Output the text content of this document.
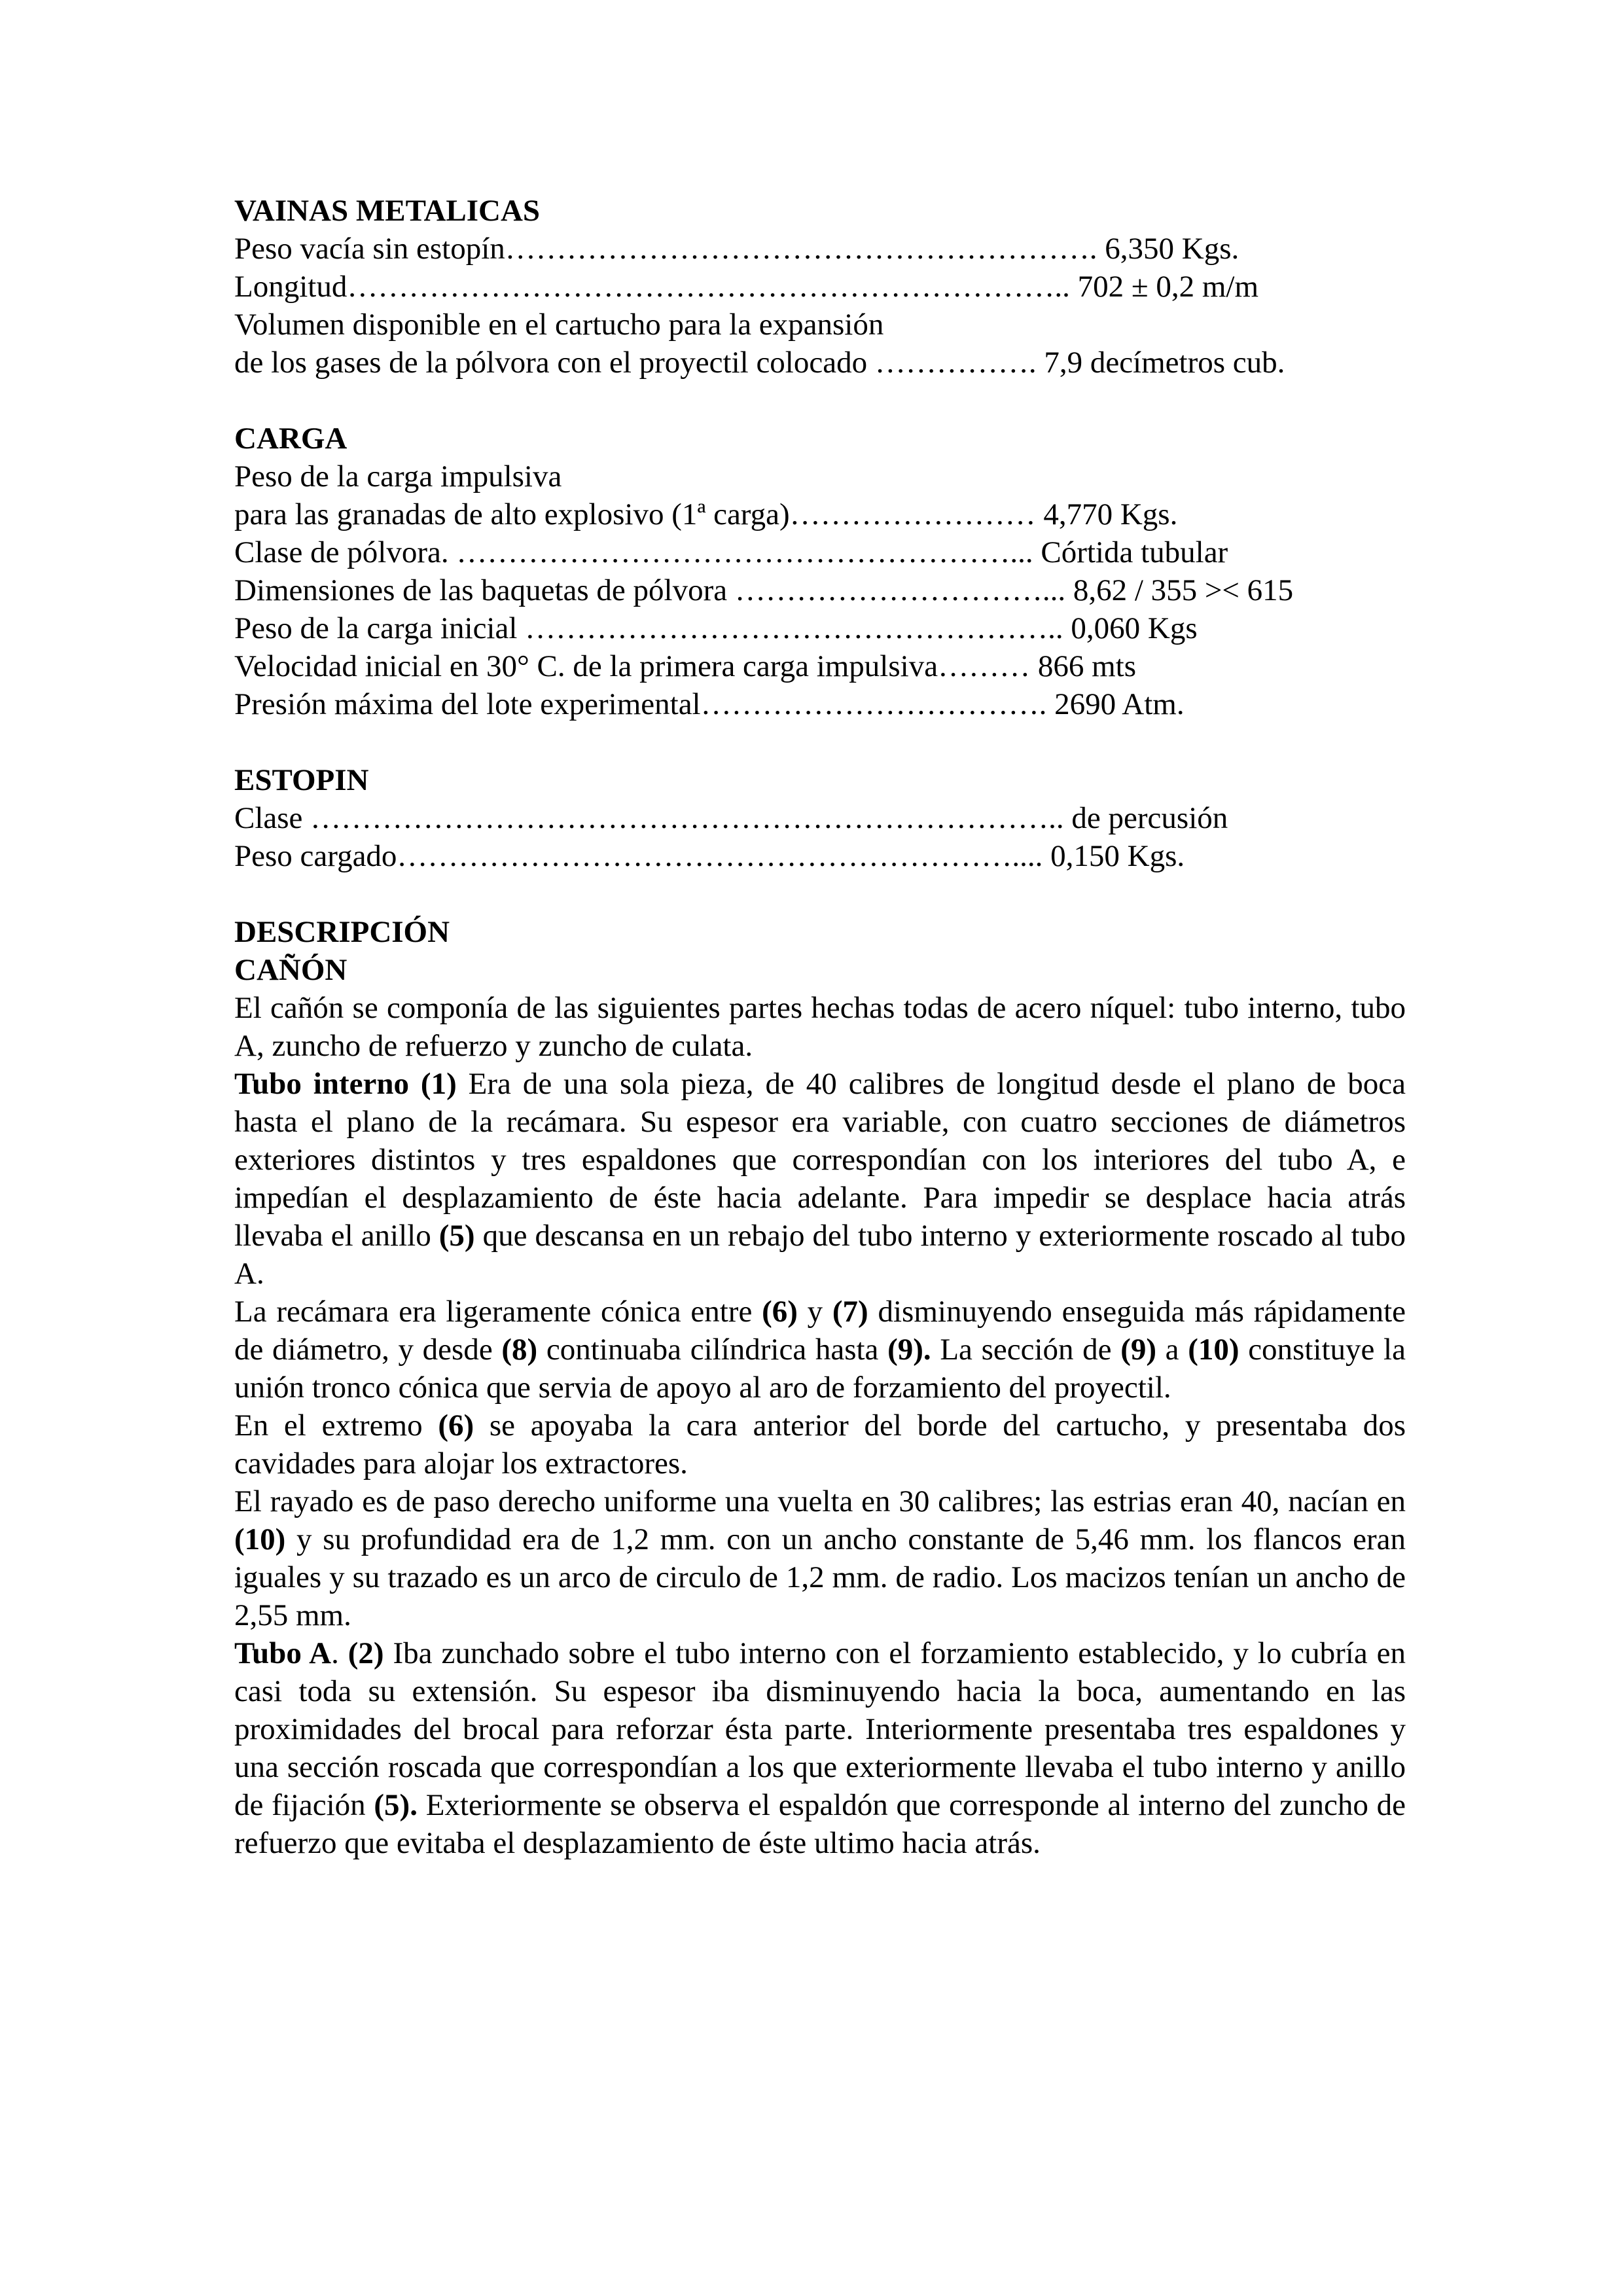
VAINAS METALICAS

Peso vacía sin estopín…………………………………………………. 6,350 Kgs.

Longitud…………………………………………………………….. 702 ± 0,2 m/m

Volumen disponible en el cartucho para la expansión

de los gases de la pólvora con el proyectil colocado ……………. 7,9 decímetros cub.

CARGA

Peso de la carga impulsiva

para las granadas de alto explosivo (1ª carga)…………………… 4,770 Kgs.

Clase de pólvora. ………………………………………………... Córtida tubular

Dimensiones de las baquetas de pólvora …………………………... 8,62 / 355 >< 615

Peso de la carga inicial …………………………………………….. 0,060 Kgs

Velocidad inicial en 30° C. de la primera carga impulsiva……… 866 mts

Presión máxima del lote experimental……………………………. 2690 Atm.

ESTOPIN

Clase ……………………………………………………………….. de percusión

Peso cargado…………………………………………………….... 0,150 Kgs.

DESCRIPCIÓN

CAÑÓN

El cañón se componía de las siguientes partes hechas todas de acero níquel: tubo interno, tubo A, zuncho de refuerzo y zuncho de culata.

Tubo interno (1) Era de una sola pieza, de 40 calibres de longitud desde el plano de boca hasta el plano de la recámara. Su espesor era variable, con cuatro secciones de diámetros exteriores distintos y tres espaldones que correspondían con los interiores del tubo A, e impedían el desplazamiento de éste hacia adelante. Para impedir se desplace hacia atrás llevaba el anillo (5) que descansa en un rebajo del tubo interno y exteriormente roscado al tubo A.

La recámara era ligeramente cónica entre (6) y (7) disminuyendo enseguida más rápidamente de diámetro, y desde (8) continuaba cilíndrica hasta (9). La sección de (9) a (10) constituye la unión tronco cónica que servia de apoyo al aro de forzamiento del proyectil.

En el extremo (6) se apoyaba la cara anterior del borde del cartucho, y presentaba dos cavidades para alojar los extractores.

El rayado es de paso derecho uniforme una vuelta en 30 calibres; las estrias eran 40, nacían en (10) y su profundidad era de 1,2 mm. con un ancho constante de 5,46 mm. los flancos eran iguales y su trazado es un arco de circulo de 1,2 mm. de radio. Los macizos tenían un ancho de 2,55 mm.

Tubo A. (2) Iba zunchado sobre el tubo interno con el forzamiento establecido, y lo cubría en casi toda su extensión. Su espesor iba disminuyendo hacia la boca, aumentando en las proximidades del brocal para reforzar ésta parte. Interiormente presentaba tres espaldones y una sección roscada que correspondían a los que exteriormente llevaba el tubo interno y anillo de fijación (5). Exteriormente se observa el espaldón que corresponde al interno del zuncho de refuerzo que evitaba el desplazamiento de éste ultimo hacia atrás.
